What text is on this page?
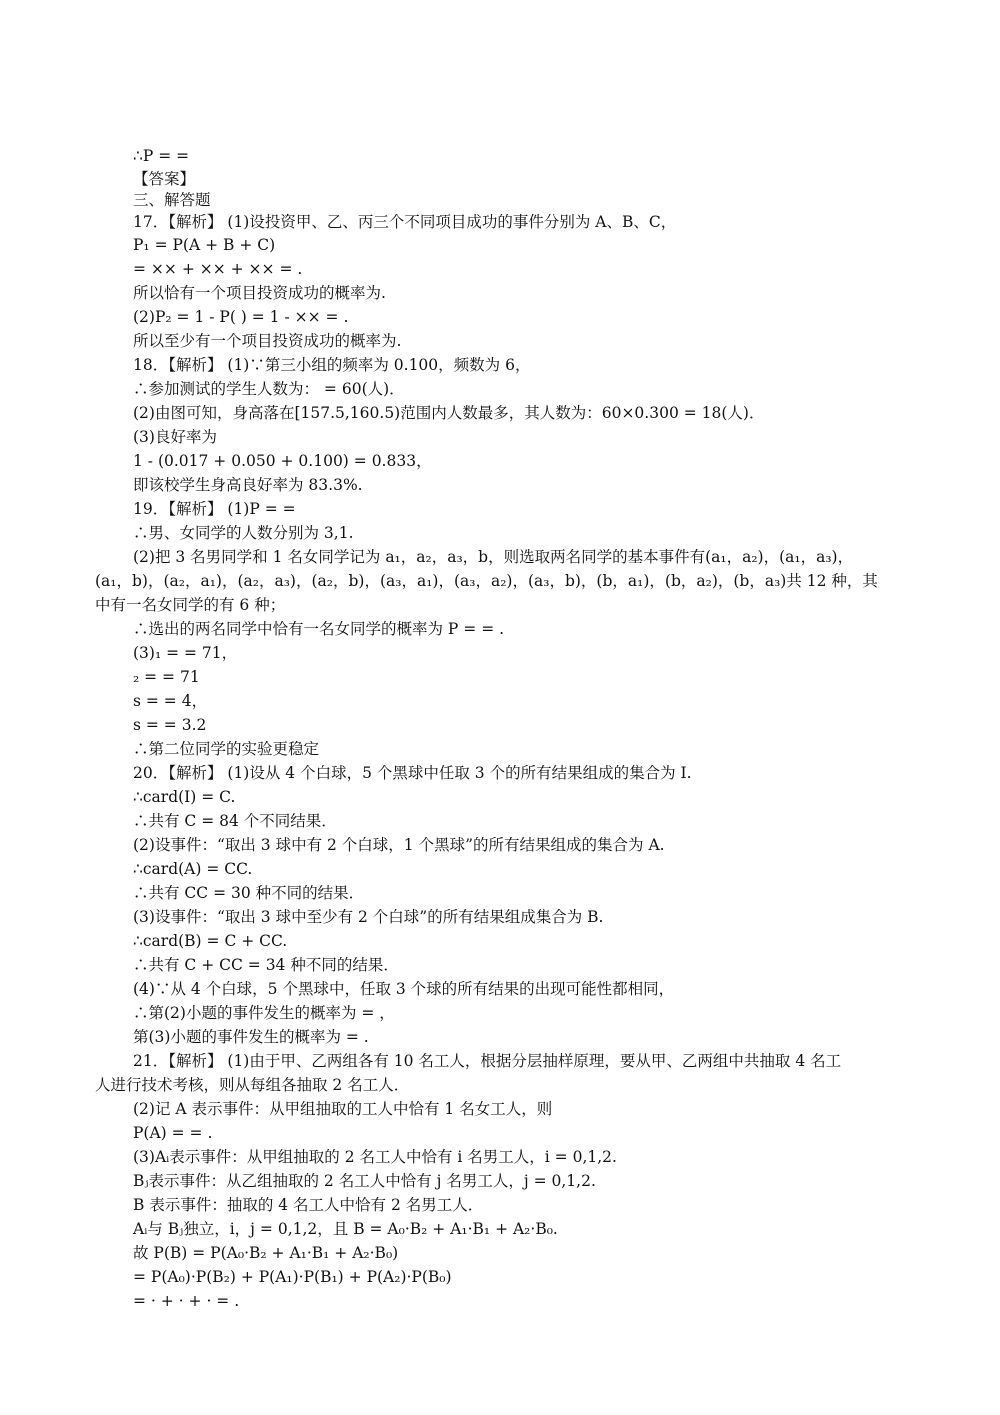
∴P = =
【答案】
三、解答题
17．【解析】 (1)设投资甲、乙、丙三个不同项目成功的事件分别为 A、B、C，
P₁ = P(A + B + C)
= ×× + ×× + ×× = .
所以恰有一个项目投资成功的概率为.
(2)P₂ = 1 - P( ) = 1 - ×× = .
所以至少有一个项目投资成功的概率为.
18．【解析】 (1)∵第三小组的频率为 0.100，频数为 6，
∴参加测试的学生人数为： = 60(人)．
(2)由图可知，身高落在[157.5,160.5)范围内人数最多，其人数为：60×0.300 = 18(人)．
(3)良好率为
1 - (0.017 + 0.050 + 0.100) = 0.833，
即该校学生身高良好率为 83.3%.
19．【解析】 (1)P = =
∴男、女同学的人数分别为 3,1.
(2)把 3 名男同学和 1 名女同学记为 a₁，a₂，a₃，b，则选取两名同学的基本事件有(a₁，a₂)，(a₁，a₃)，
(a₁，b)，(a₂，a₁)，(a₂，a₃)，(a₂，b)，(a₃，a₁)，(a₃，a₂)，(a₃，b)，(b，a₁)，(b，a₂)，(b，a₃)共 12 种，其
中有一名女同学的有 6 种；
∴选出的两名同学中恰有一名女同学的概率为 P = = .
(3)₁ = = 71，
₂ = = 71
s = = 4，
s = = 3.2
∴第二位同学的实验更稳定
20．【解析】 (1)设从 4 个白球，5 个黑球中任取 3 个的所有结果组成的集合为 I.
∴card(I) = C.
∴共有 C = 84 个不同结果．
(2)设事件：“取出 3 球中有 2 个白球，1 个黑球”的所有结果组成的集合为 A.
∴card(A) = CC.
∴共有 CC = 30 种不同的结果．
(3)设事件：“取出 3 球中至少有 2 个白球”的所有结果组成集合为 B.
∴card(B) = C + CC.
∴共有 C + CC = 34 种不同的结果．
(4)∵从 4 个白球，5 个黑球中，任取 3 个球的所有结果的出现可能性都相同，
∴第(2)小题的事件发生的概率为 = ，
第(3)小题的事件发生的概率为 = .
21．【解析】 (1)由于甲、乙两组各有 10 名工人，根据分层抽样原理，要从甲、乙两组中共抽取 4 名工
人进行技术考核，则从每组各抽取 2 名工人．
(2)记 A 表示事件：从甲组抽取的工人中恰有 1 名女工人，则
P(A) = = .
(3)Aᵢ表示事件：从甲组抽取的 2 名工人中恰有 i 名男工人，i = 0,1,2.
Bⱼ表示事件：从乙组抽取的 2 名工人中恰有 j 名男工人，j = 0,1,2.
B 表示事件：抽取的 4 名工人中恰有 2 名男工人．
Aᵢ与 Bⱼ独立，i，j = 0,1,2，且 B = A₀·B₂ + A₁·B₁ + A₂·B₀.
故 P(B) = P(A₀·B₂ + A₁·B₁ + A₂·B₀)
= P(A₀)·P(B₂) + P(A₁)·P(B₁) + P(A₂)·P(B₀)
= · + · + · = .
